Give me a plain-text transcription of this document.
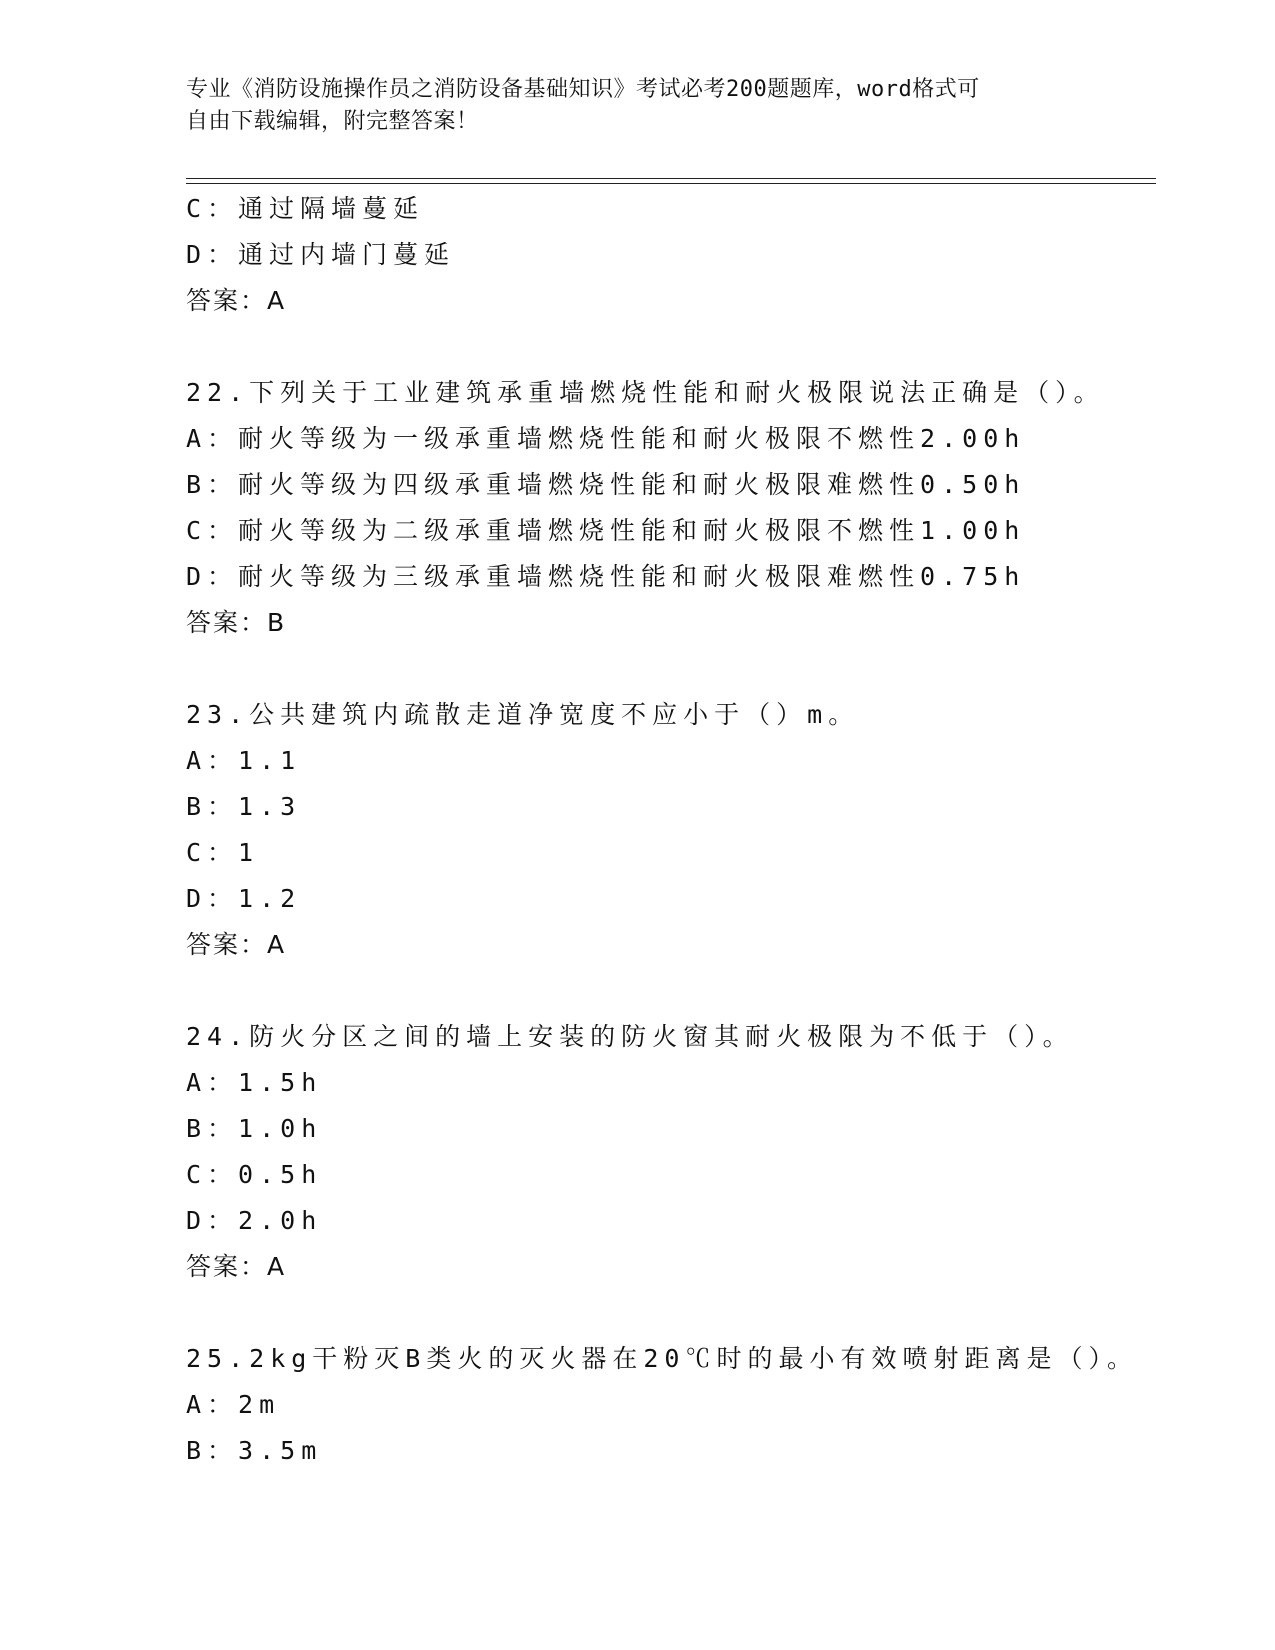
专业《消防设施操作员之消防设备基础知识》考试必考200题题库，word格式可
自由下载编辑，附完整答案！
C：通过隔墙蔓延
D：通过内墙门蔓延
答案：A
22.下列关于工业建筑承重墙燃烧性能和耐火极限说法正确是（）。
A：耐火等级为一级承重墙燃烧性能和耐火极限不燃性2.00h
B：耐火等级为四级承重墙燃烧性能和耐火极限难燃性0.50h
C：耐火等级为二级承重墙燃烧性能和耐火极限不燃性1.00h
D：耐火等级为三级承重墙燃烧性能和耐火极限难燃性0.75h
答案：B
23.公共建筑内疏散走道净宽度不应小于（）m。
A：1.1
B：1.3
C：1
D：1.2
答案：A
24.防火分区之间的墙上安装的防火窗其耐火极限为不低于（）。
A：1.5h
B：1.0h
C：0.5h
D：2.0h
答案：A
25.2kg干粉灭B类火的灭火器在20℃时的最小有效喷射距离是（）。
A：2m
B：3.5m
